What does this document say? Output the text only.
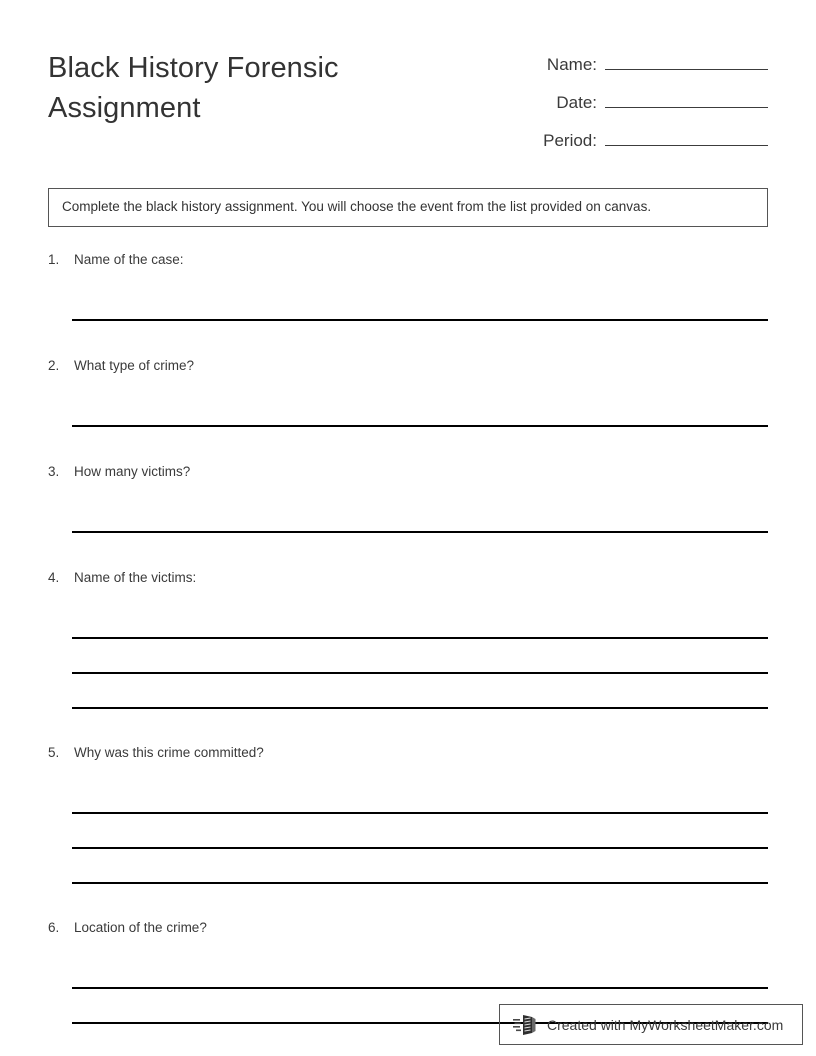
Black History Forensic
Assignment
Name:
Date:
Period:
Complete the black history assignment. You will choose the event from the list provided on canvas.
1.	Name of the case:
2.	What type of crime?
3.	How many victims?
4.	Name of the victims:
5.	Why was this crime committed?
6.	Location of the crime?
Created with MyWorksheetMaker.com
